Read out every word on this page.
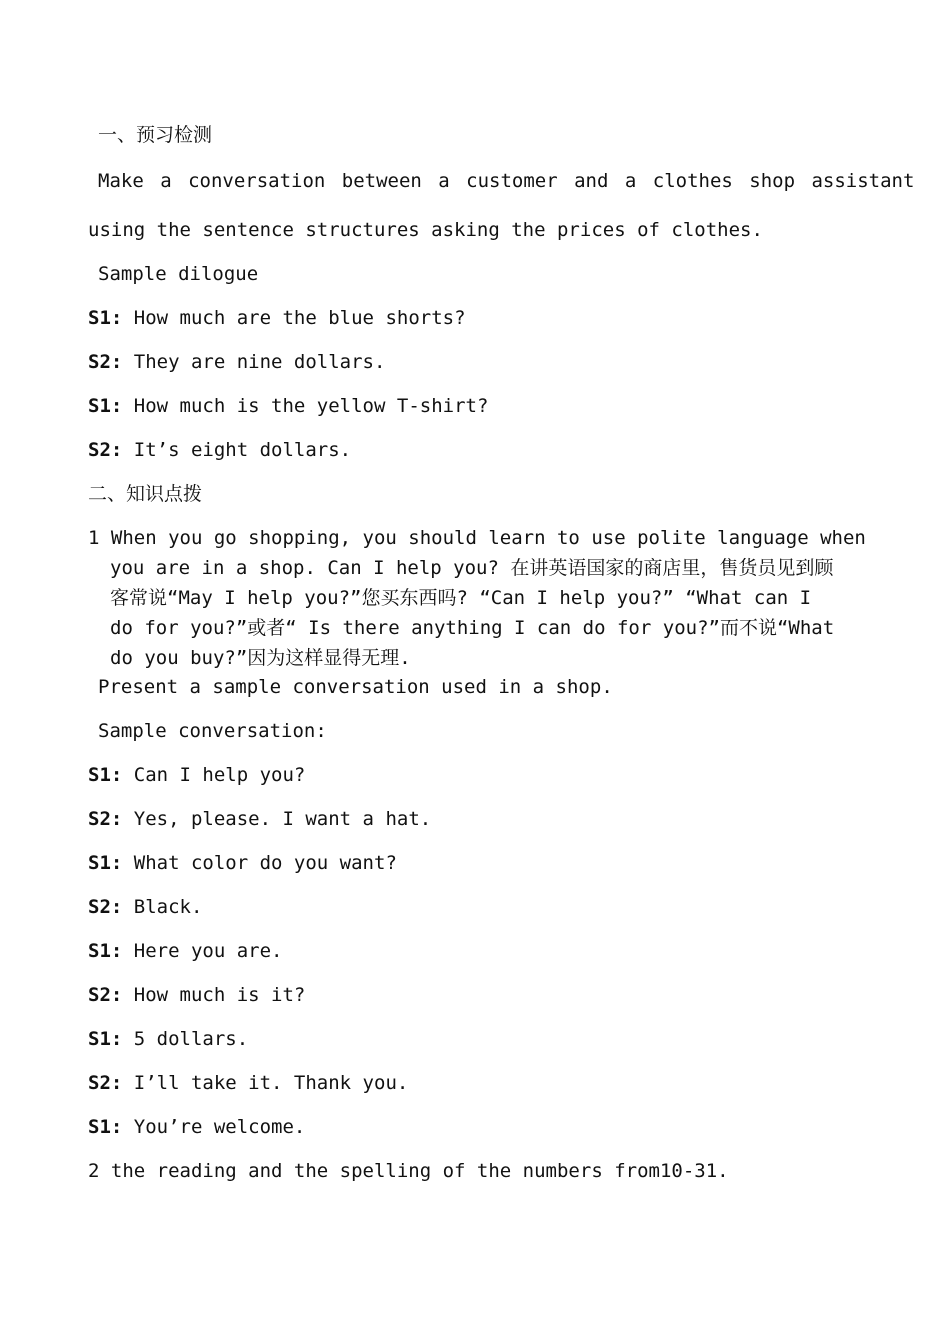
一、预习检测
Make a conversation between a customer and a clothes shop assistant
using the sentence structures asking the prices of clothes.
Sample dilogue
S1: How much are the blue shorts?
S2: They are nine dollars.
S1: How much is the yellow T-shirt?
S2: It’s eight dollars.
二、知识点拨
1 When you go shopping, you should learn to use polite language when
you are in a shop. Can I help you? 在讲英语国家的商店里，售货员见到顾
客常说“May I help you?”您买东西吗? “Can I help you?” “What can I
do for you?”或者“ Is there anything I can do for you?”而不说“What
do you buy?”因为这样显得无理.
Present a sample conversation used in a shop.
Sample conversation:
S1: Can I help you?
S2: Yes, please. I want a hat.
S1: What color do you want?
S2: Black.
S1: Here you are.
S2: How much is it?
S1: 5 dollars.
S2: I’ll take it. Thank you.
S1: You’re welcome.
2 the reading and the spelling of the numbers from10-31.
